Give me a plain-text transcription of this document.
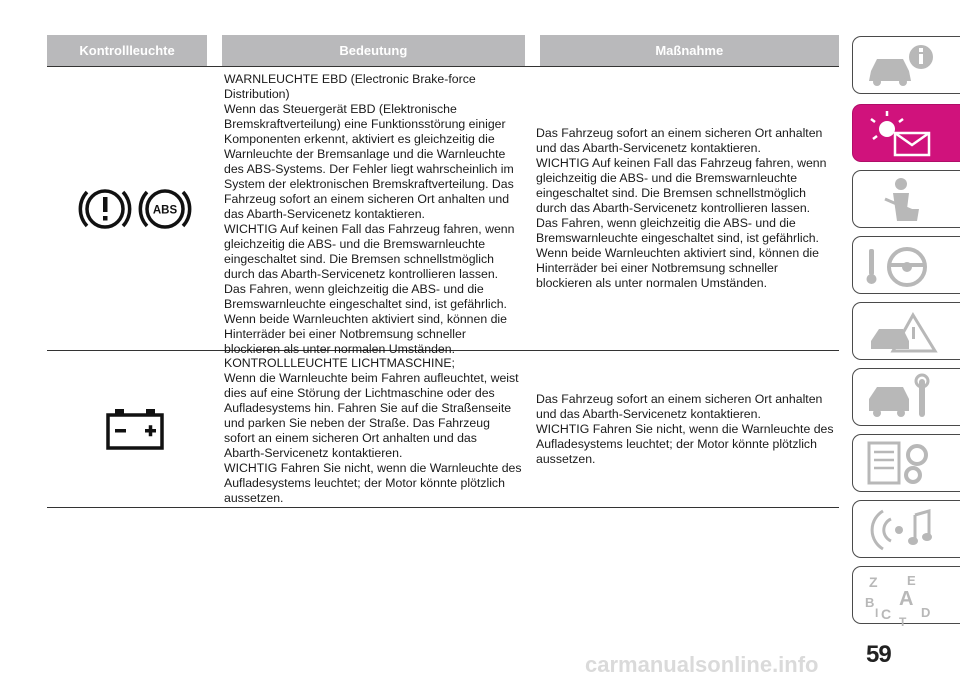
Kontrollleuchte	Bedeutung	Maßnahme
ABS
WARNLEUCHTE EBD (Electronic Brake-force
Distribution)
Wenn das Steuergerät EBD (Elektronische
Bremskraftverteilung) eine Funktionsstörung einiger
Komponenten erkennt, aktiviert es gleichzeitig die
Warnleuchte der Bremsanlage und die Warnleuchte
des ABS-Systems. Der Fehler liegt wahrscheinlich im
System der elektronischen Bremskraftverteilung. Das
Fahrzeug sofort an einem sicheren Ort anhalten und
das Abarth-Servicenetz kontaktieren.
WICHTIG Auf keinen Fall das Fahrzeug fahren, wenn
gleichzeitig die ABS- und die Bremswarnleuchte
eingeschaltet sind. Die Bremsen schnellstmöglich
durch das Abarth-Servicenetz kontrollieren lassen.
Das Fahren, wenn gleichzeitig die ABS- und die
Bremswarnleuchte eingeschaltet sind, ist gefährlich.
Wenn beide Warnleuchten aktiviert sind, können die
Hinterräder bei einer Notbremsung schneller
blockieren als unter normalen Umständen.
Das Fahrzeug sofort an einem sicheren Ort anhalten
und das Abarth-Servicenetz kontaktieren.
WICHTIG Auf keinen Fall das Fahrzeug fahren, wenn
gleichzeitig die ABS- und die Bremswarnleuchte
eingeschaltet sind. Die Bremsen schnellstmöglich
durch das Abarth-Servicenetz kontrollieren lassen.
Das Fahren, wenn gleichzeitig die ABS- und die
Bremswarnleuchte eingeschaltet sind, ist gefährlich.
Wenn beide Warnleuchten aktiviert sind, können die
Hinterräder bei einer Notbremsung schneller
blockieren als unter normalen Umständen.
KONTROLLLEUCHTE LICHTMASCHINE;
Wenn die Warnleuchte beim Fahren aufleuchtet, weist
dies auf eine Störung der Lichtmaschine oder des
Aufladesystems hin. Fahren Sie auf die Straßenseite
und parken Sie neben der Straße. Das Fahrzeug
sofort an einem sicheren Ort anhalten und das
Abarth-Servicenetz kontaktieren.
WICHTIG Fahren Sie nicht, wenn die Warnleuchte des
Aufladesystems leuchtet; der Motor könnte plötzlich
aussetzen.
Das Fahrzeug sofort an einem sicheren Ort anhalten
und das Abarth-Servicenetz kontaktieren.
WICHTIG Fahren Sie nicht, wenn die Warnleuchte des
Aufladesystems leuchtet; der Motor könnte plötzlich
aussetzen.
Z E
B A
C D
T
I
59
carmanualsonline.info
